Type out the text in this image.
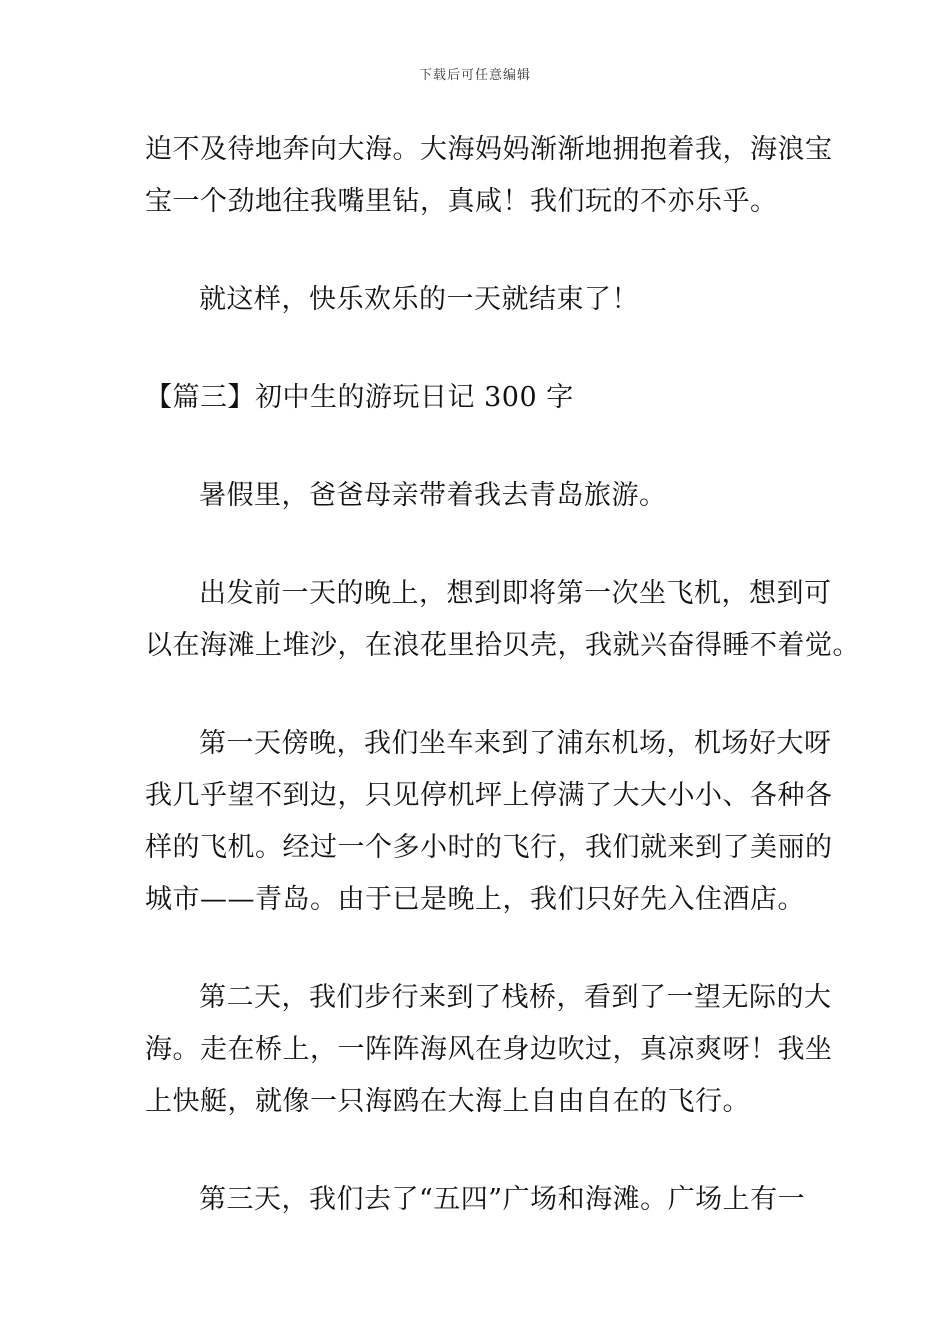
下载后可任意编辑

迫不及待地奔向大海。大海妈妈渐渐地拥抱着我，海浪宝
宝一个劲地往我嘴里钻，真咸！我们玩的不亦乐乎。

就这样，快乐欢乐的一天就结束了！

【篇三】初中生的游玩日记 300 字

暑假里，爸爸母亲带着我去青岛旅游。

出发前一天的晚上，想到即将第一次坐飞机，想到可
以在海滩上堆沙，在浪花里拾贝壳，我就兴奋得睡不着觉。

第一天傍晚，我们坐车来到了浦东机场，机场好大呀
我几乎望不到边，只见停机坪上停满了大大小小、各种各
样的飞机。经过一个多小时的飞行，我们就来到了美丽的
城市——青岛。由于已是晚上，我们只好先入住酒店。

第二天，我们步行来到了栈桥，看到了一望无际的大
海。走在桥上，一阵阵海风在身边吹过，真凉爽呀！我坐
上快艇，就像一只海鸥在大海上自由自在的飞行。

第三天，我们去了“五四”广场和海滩。广场上有一
